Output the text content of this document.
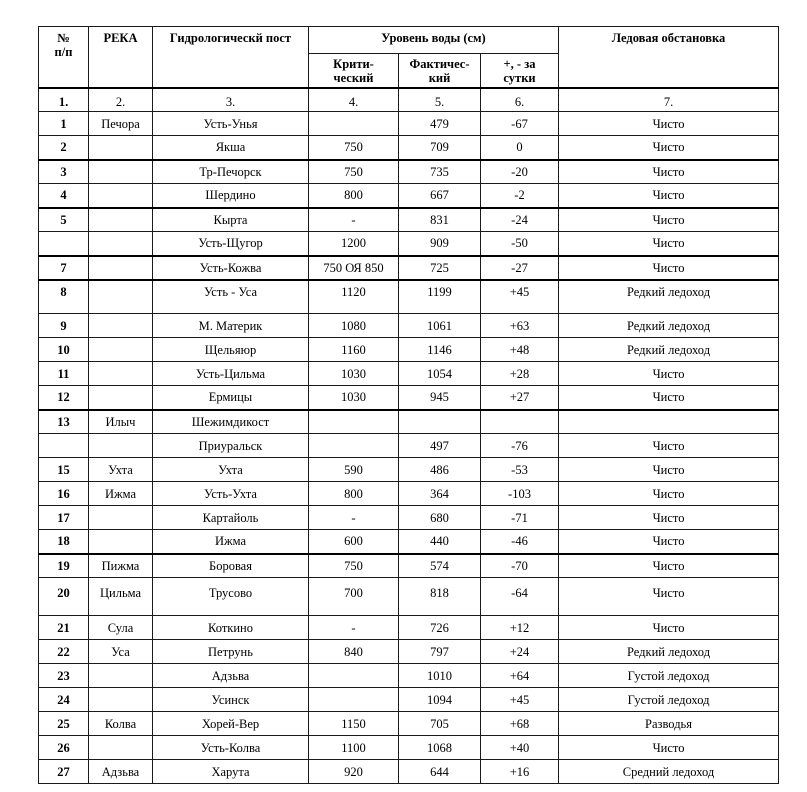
№ п/п	РЕКА	Гидрологическй пост	Уровень воды (см)			Ледовая обстановка

			Крити-ческий	Фактичес-кий	+, - за сутки	

1.	2.	3.	4.	5.	6.	7.
1	Печора	Усть-Унья		479	-67	Чисто
2		Якша	750	709	0	Чисто
3		Тр-Печорск	750	735	-20	Чисто
4		Шердино	800	667	-2	Чисто
5		Кырта	-	831	-24	Чисто
		Усть-Щугор	1200	909	-50	Чисто
7		Усть-Кожва	750 ОЯ 850	725	-27	Чисто
8		Усть - Уса	1120	1199	+45	Редкий ледоход
9		М. Материк	1080	1061	+63	Редкий ледоход
10		Щельяюр	1160	1146	+48	Редкий ледоход
11		Усть-Цильма	1030	1054	+28	Чисто
12		Ермицы	1030	945	+27	Чисто
13	Илыч	Шежимдикост				
		Приуральск		497	-76	Чисто
15	Ухта	Ухта	590	486	-53	Чисто
16	Ижма	Усть-Ухта	800	364	-103	Чисто
17		Картайоль	-	680	-71	Чисто
18		Ижма	600	440	-46	Чисто
19	Пижма	Боровая	750	574	-70	Чисто
20	Цильма	Трусово	700	818	-64	Чисто
21	Сула	Коткино	-	726	+12	Чисто
22	Уса	Петрунь	840	797	+24	Редкий ледоход
23		Адзьва		1010	+64	Густой ледоход
24		Усинск		1094	+45	Густой ледоход
25	Колва	Хорей-Вер	1150	705	+68	Разводья
26		Усть-Колва	1100	1068	+40	Чисто
27	Адзьва	Харута	920	644	+16	Средний ледоход
